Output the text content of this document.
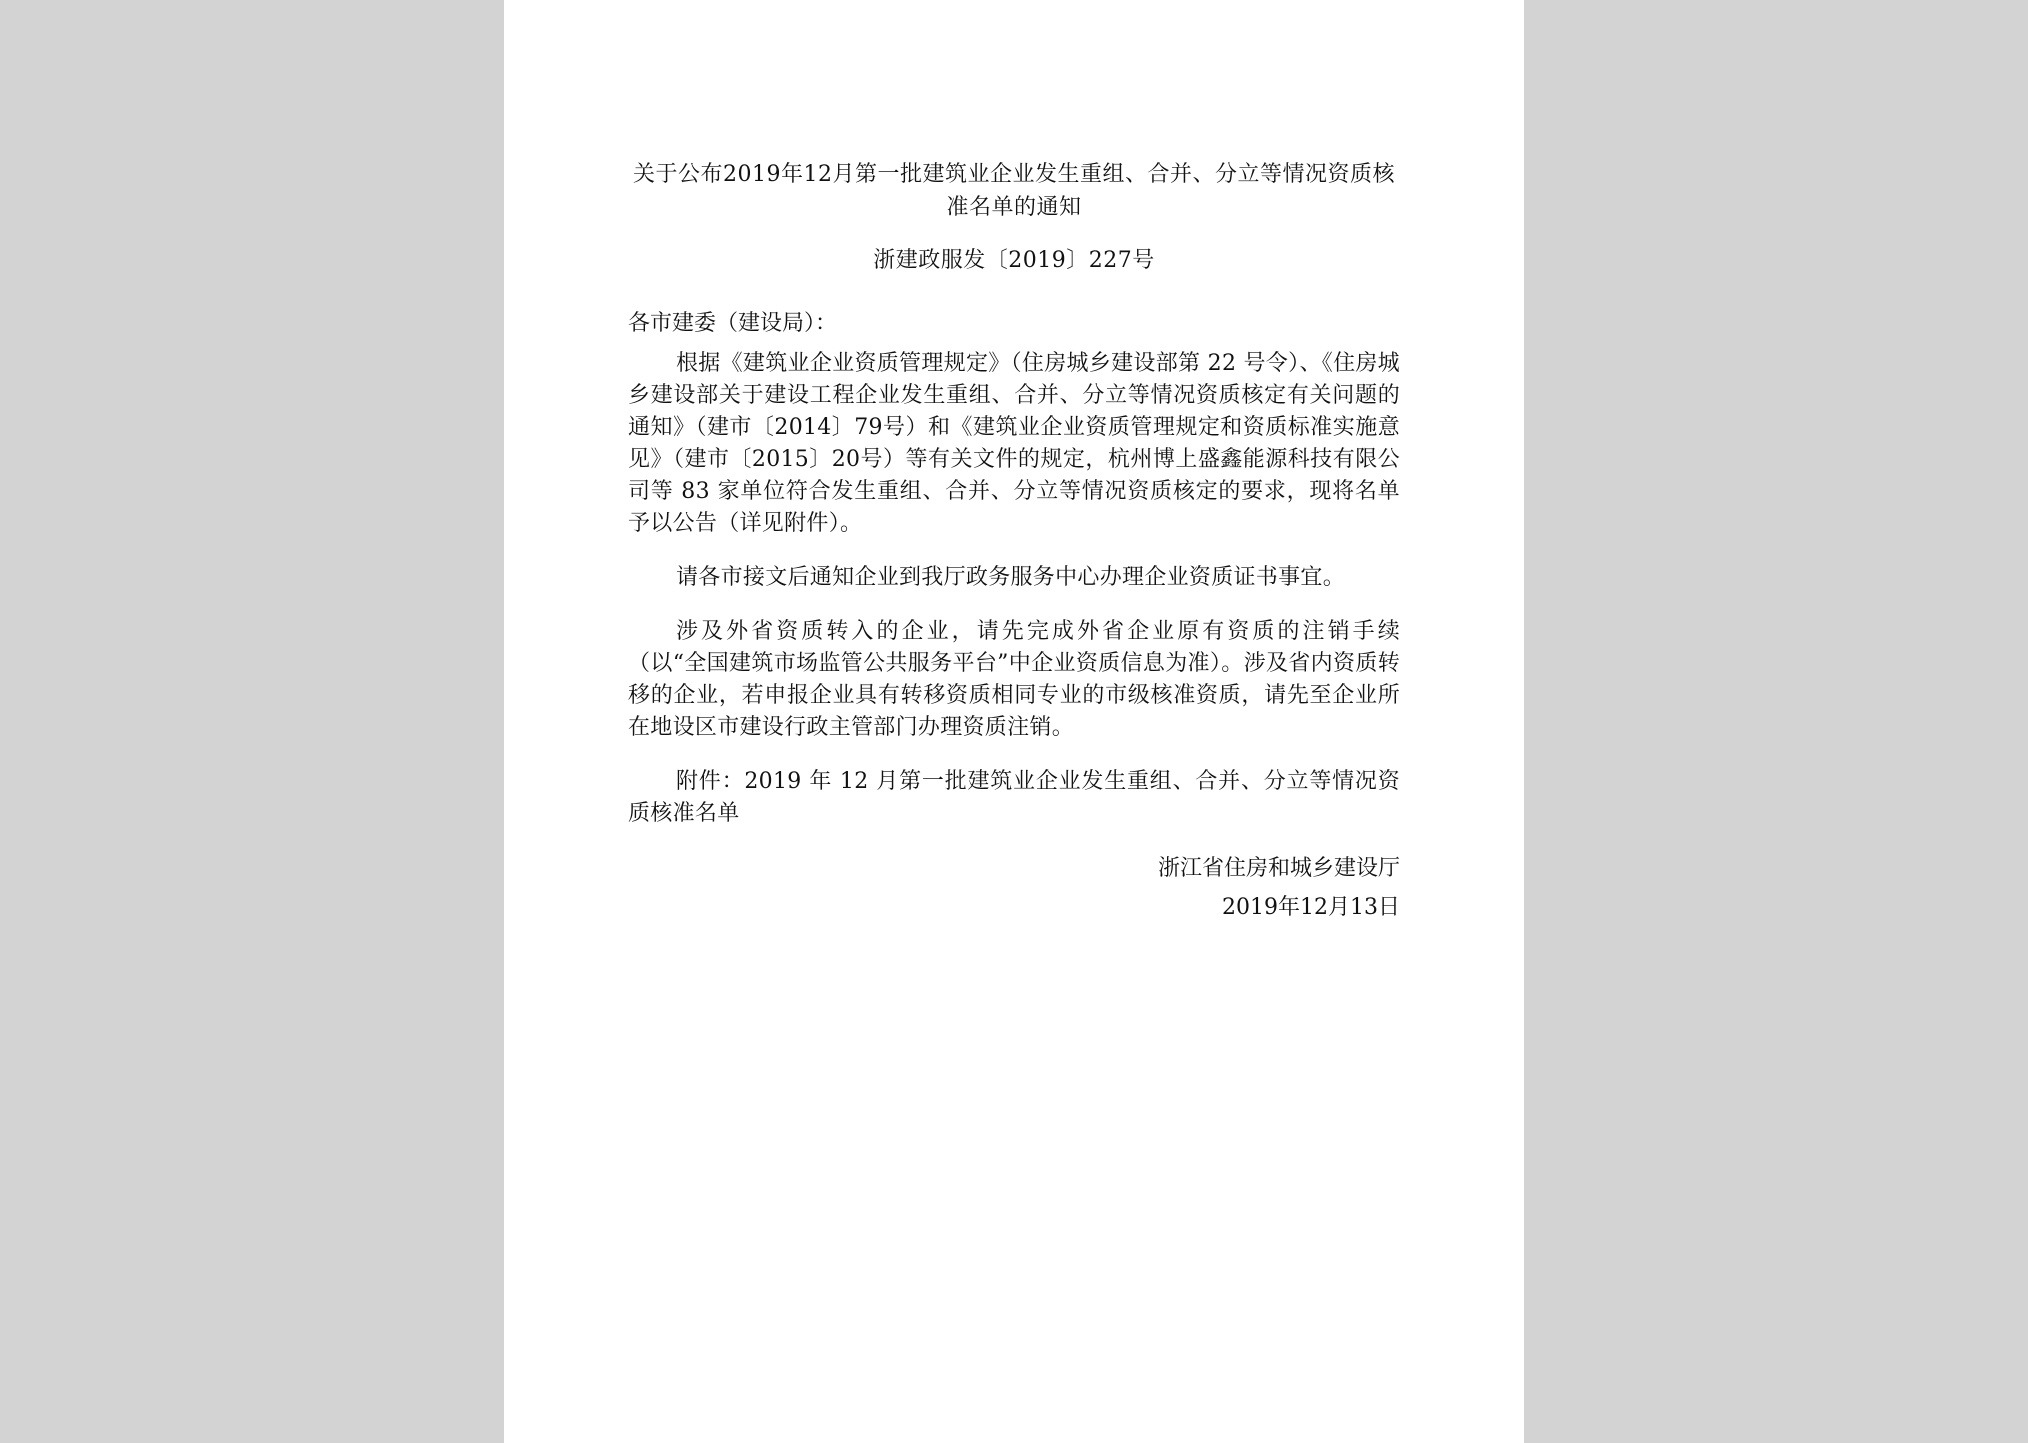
关于公布2019年12月第一批建筑业企业发生重组、合并、分立等情况资质核准名单的通知
浙建政服发〔2019〕227号
各市建委（建设局）：

根据《建筑业企业资质管理规定》（住房城乡建设部第 22 号令）、《住房城乡建设部关于建设工程企业发生重组、合并、分立等情况资质核定有关问题的通知》（建市〔2014〕79号）和《建筑业企业资质管理规定和资质标准实施意见》（建市〔2015〕20号）等有关文件的规定，杭州博上盛鑫能源科技有限公司等 83 家单位符合发生重组、合并、分立等情况资质核定的要求，现将名单予以公告（详见附件）。

请各市接文后通知企业到我厅政务服务中心办理企业资质证书事宜。

涉及外省资质转入的企业，请先完成外省企业原有资质的注销手续（以“全国建筑市场监管公共服务平台”中企业资质信息为准）。涉及省内资质转移的企业，若申报企业具有转移资质相同专业的市级核准资质，请先至企业所在地设区市建设行政主管部门办理资质注销。

附件：2019 年 12 月第一批建筑业企业发生重组、合并、分立等情况资质核准名单

浙江省住房和城乡建设厅
2019年12月13日
